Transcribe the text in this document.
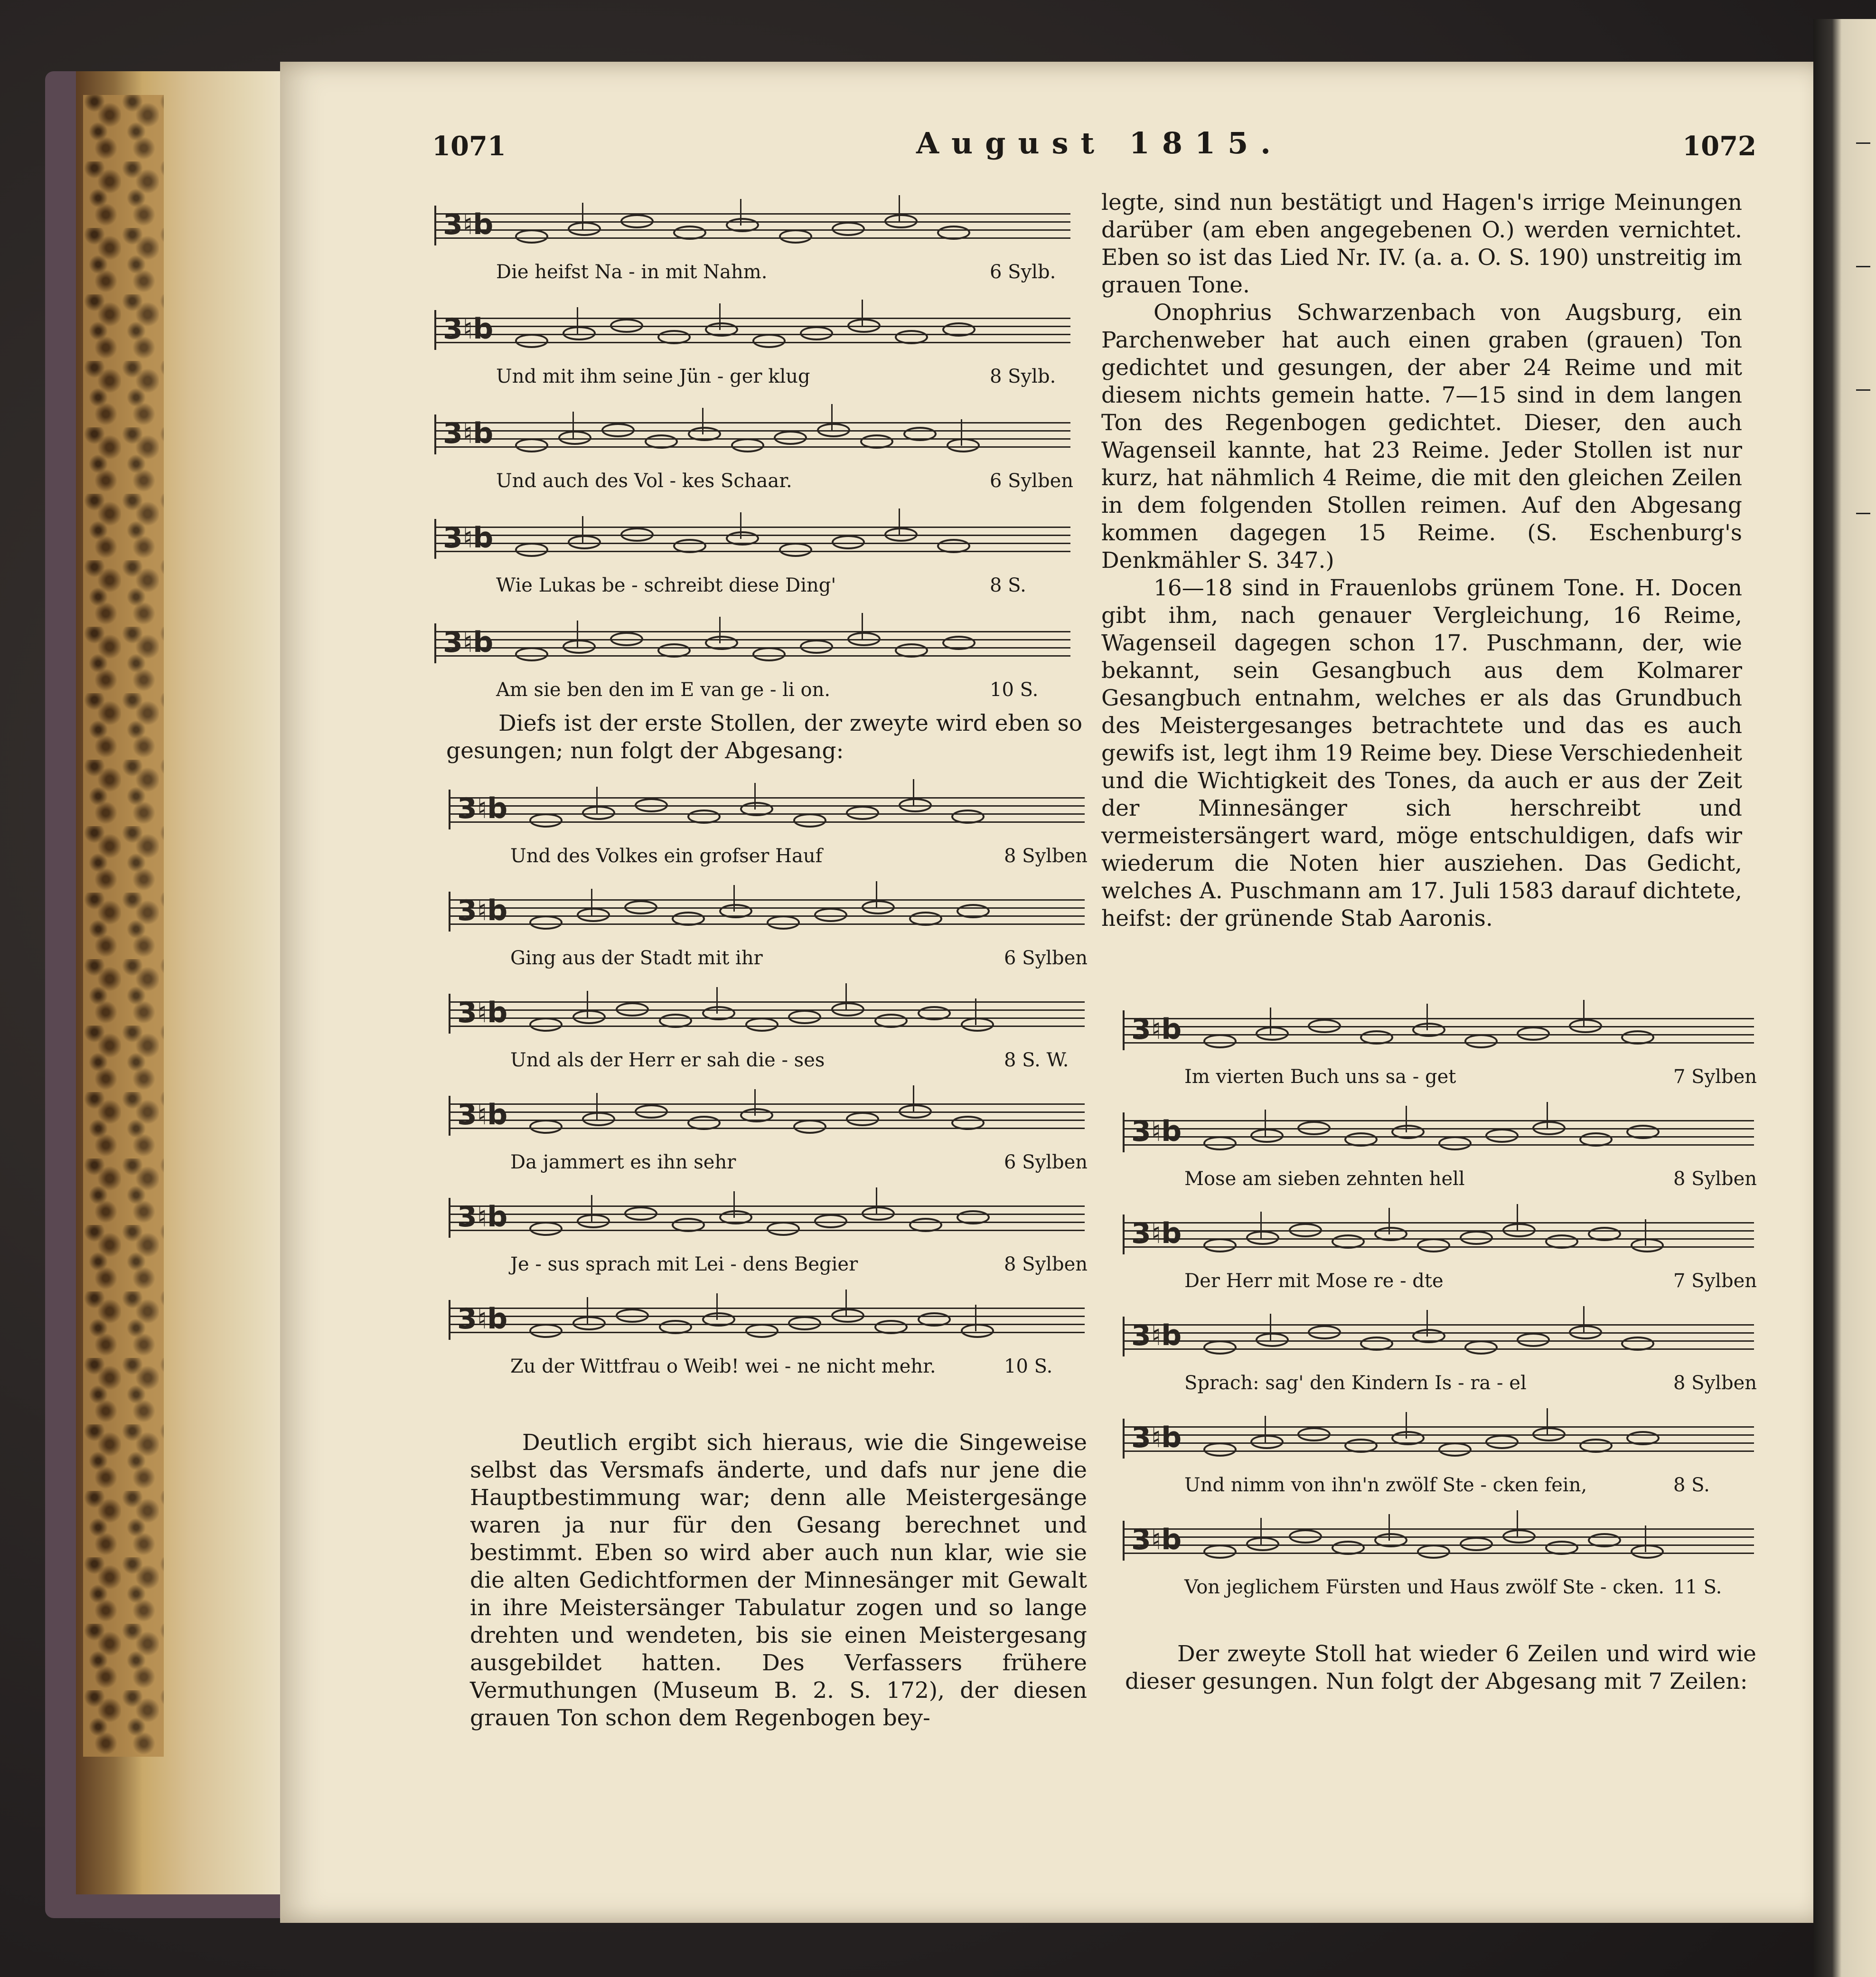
1071	August 1815.	1072
3♮b
Die heifst Na - in mit Nahm.	6 Sylb.
3♮b
Und mit ihm seine Jün - ger klug	8 Sylb.
3♮b
Und auch des Vol - kes Schaar.	6 Sylben
3♮b
Wie Lukas be - schreibt diese Ding'	8 S.
3♮b
Am sie ben den im E van ge - li on.	10 S.

Diefs ist der erste Stollen, der zweyte wird eben so gesungen; nun folgt der Abgesang:

3♮b
Und des Volkes ein grofser Hauf	8 Sylben
3♮b
Ging aus der Stadt mit ihr	6 Sylben
3♮b
Und als der Herr er sah die - ses	8 S. W.
3♮b
Da jammert es ihn sehr	6 Sylben
3♮b
Je - sus sprach mit Lei - dens Begier	8 Sylben
3♮b
Zu der Wittfrau o Weib! wei - ne nicht mehr.	10 S.

Deutlich ergibt sich hieraus, wie die Singeweise selbst das Versmafs änderte, und dafs nur jene die Hauptbestimmung war; denn alle Meistergesänge waren ja nur für den Gesang berechnet und bestimmt. Eben so wird aber auch nun klar, wie sie die alten Gedichtformen der Minnesänger mit Gewalt in ihre Meistersänger Tabulatur zogen und so lange drehten und wendeten, bis sie einen Meistergesang ausgebildet hatten. Des Verfassers frühere Vermuthungen (Museum B. 2. S. 172), der diesen grauen Ton schon dem Regenbogen bey-

legte, sind nun bestätigt und Hagen's irrige Meinungen darüber (am eben angegebenen O.) werden vernichtet. Eben so ist das Lied Nr. IV. (a. a. O. S. 190) unstreitig im grauen Tone.

Onophrius Schwarzenbach von Augsburg, ein Parchenweber hat auch einen graben (grauen) Ton gedichtet und gesungen, der aber 24 Reime und mit diesem nichts gemein hatte. 7—15 sind in dem langen Ton des Regenbogen gedichtet. Dieser, den auch Wagenseil kannte, hat 23 Reime. Jeder Stollen ist nur kurz, hat nähmlich 4 Reime, die mit den gleichen Zeilen in dem folgenden Stollen reimen. Auf den Abgesang kommen dagegen 15 Reime. (S. Eschenburg's Denkmähler S. 347.)

16—18 sind in Frauenlobs grünem Tone. H. Docen gibt ihm, nach genauer Vergleichung, 16 Reime, Wagenseil dagegen schon 17. Puschmann, der, wie bekannt, sein Gesangbuch aus dem Kolmarer Gesangbuch entnahm, welches er als das Grundbuch des Meistergesanges betrachtete und das es auch gewifs ist, legt ihm 19 Reime bey. Diese Verschiedenheit und die Wichtigkeit des Tones, da auch er aus der Zeit der Minnesänger sich herschreibt und vermeistersängert ward, möge entschuldigen, dafs wir wiederum die Noten hier ausziehen. Das Gedicht, welches A. Puschmann am 17. Juli 1583 darauf dichtete, heifst: der grünende Stab Aaronis.

3♮b
Im vierten Buch uns sa - get	7 Sylben
3♮b
Mose am sieben zehnten hell	8 Sylben
3♮b
Der Herr mit Mose re - dte	7 Sylben
3♮b
Sprach: sag' den Kindern Is - ra - el	8 Sylben
3♮b
Und nimm von ihn'n zwölf Ste - cken fein,	8 S.
3♮b
Von jeglichem Fürsten und Haus zwölf Ste - cken. 11 S.

Der zweyte Stoll hat wieder 6 Zeilen und wird wie dieser gesungen. Nun folgt der Abgesang mit 7 Zeilen:
